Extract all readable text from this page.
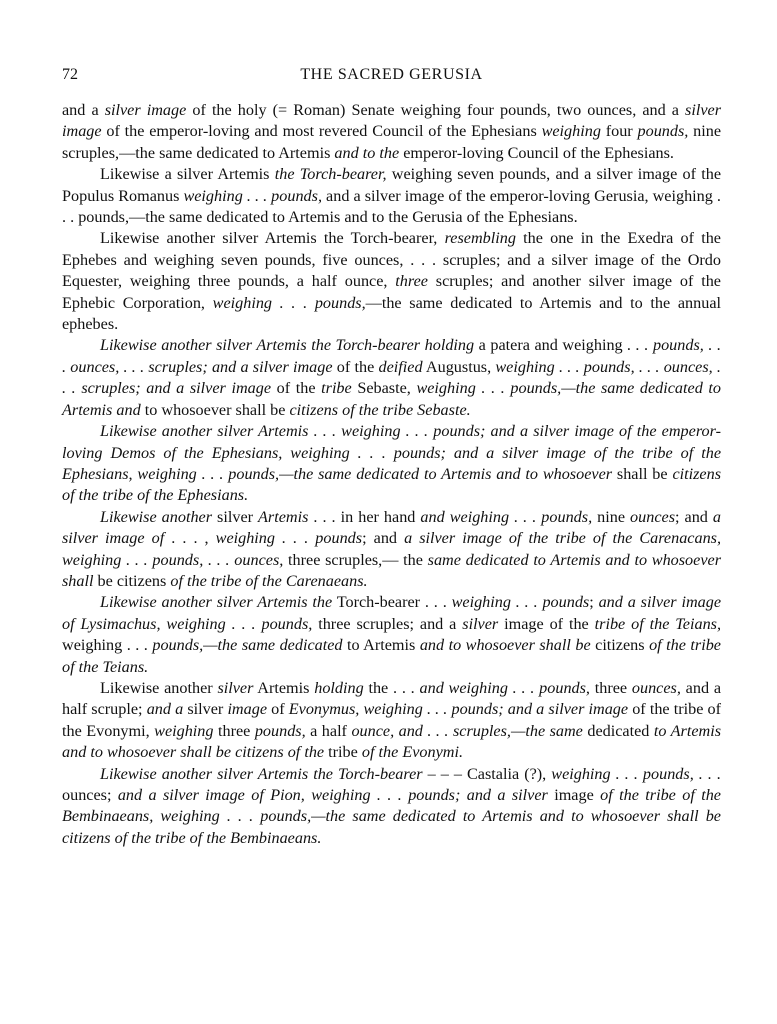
72	THE SACRED GERUSIA

and a silver image of the holy (= Roman) Senate weighing four pounds, two ounces, and a silver image of the emperor-loving and most revered Council of the Ephesians weighing four pounds, nine scruples,—the same dedicated to Artemis and to the emperor-loving Council of the Ephesians.

Likewise a silver Artemis the Torch-bearer, weighing seven pounds, and a silver image of the Populus Romanus weighing . . . pounds, and a silver image of the emperor-loving Gerusia, weighing . . . pounds,—the same dedicated to Artemis and to the Gerusia of the Ephesians.

Likewise another silver Artemis the Torch-bearer, resembling the one in the Exedra of the Ephebes and weighing seven pounds, five ounces, . . . scruples; and a silver image of the Ordo Equester, weighing three pounds, a half ounce, three scruples; and another silver image of the Ephebic Corporation, weighing . . . pounds,—the same dedicated to Artemis and to the annual ephebes.

Likewise another silver Artemis the Torch-bearer holding a patera and weighing . . . pounds, . . . ounces, . . . scruples; and a silver image of the deified Augustus, weighing . . . pounds, . . . ounces, . . . scruples; and a silver image of the tribe Sebaste, weighing . . . pounds,—the same dedicated to Artemis and to whosoever shall be citizens of the tribe Sebaste.

Likewise another silver Artemis . . . weighing . . . pounds; and a silver image of the emperor-loving Demos of the Ephesians, weighing . . . pounds; and a silver image of the tribe of the Ephesians, weighing . . . pounds,—the same dedicated to Artemis and to whosoever shall be citizens of the tribe of the Ephesians.

Likewise another silver Artemis . . . in her hand and weighing . . . pounds, nine ounces; and a silver image of . . . , weighing . . . pounds; and a silver image of the tribe of the Carenacans, weighing . . . pounds, . . . ounces, three scruples,— the same dedicated to Artemis and to whosoever shall be citizens of the tribe of the Carenaeans.

Likewise another silver Artemis the Torch-bearer . . . weighing . . . pounds; and a silver image of Lysimachus, weighing . . . pounds, three scruples; and a silver image of the tribe of the Teians, weighing . . . pounds,—the same dedicated to Artemis and to whosoever shall be citizens of the tribe of the Teians.

Likewise another silver Artemis holding the . . . and weighing . . . pounds, three ounces, and a half scruple; and a silver image of Evonymus, weighing . . . pounds; and a silver image of the tribe of the Evonymi, weighing three pounds, a half ounce, and . . . scruples,—the same dedicated to Artemis and to whosoever shall be citizens of the tribe of the Evonymi.

Likewise another silver Artemis the Torch-bearer – – – Castalia (?), weighing . . . pounds, . . . ounces; and a silver image of Pion, weighing . . . pounds; and a silver image of the tribe of the Bembinaeans, weighing . . . pounds,—the same dedicated to Artemis and to whosoever shall be citizens of the tribe of the Bembinaeans.
